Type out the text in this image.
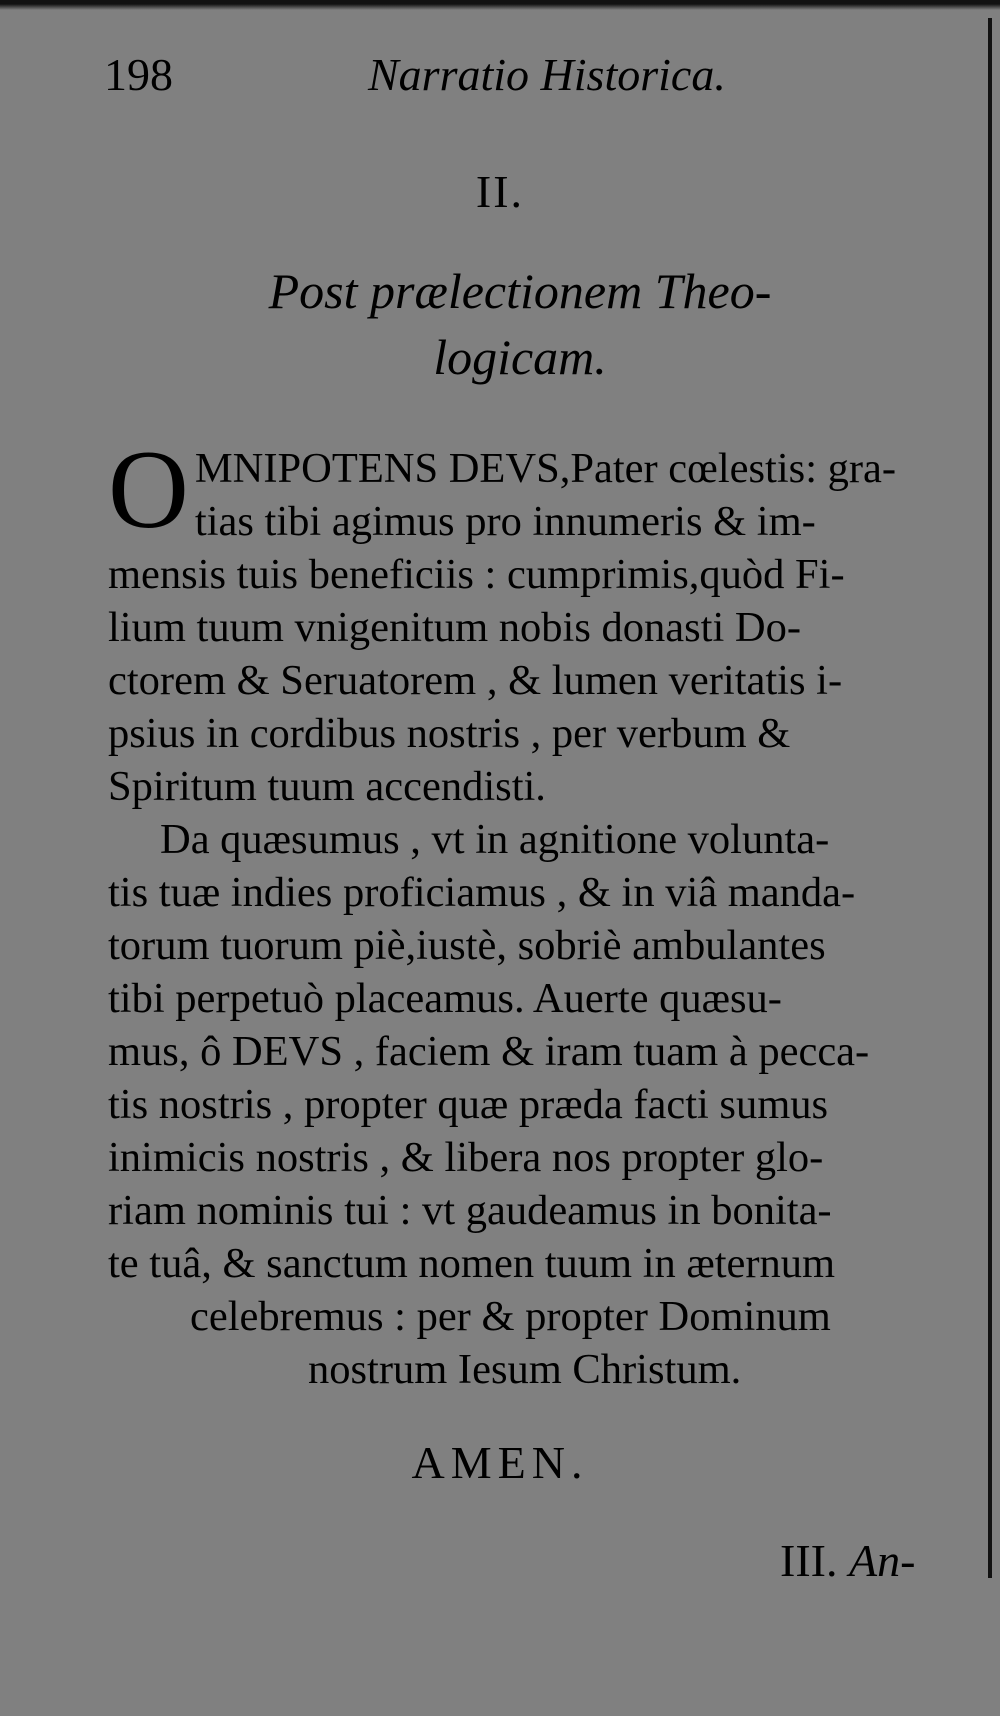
198	Narratio Historica.
II.
Post prælectionem Theo-
logicam.
O MNIPOTENS DEVS,Pater cœlestis: gra-
tias tibi agimus pro innumeris & im-
mensis tuis beneficiis : cumprimis,quòd Fi-
lium tuum vnigenitum nobis donasti Do-
ctorem & Seruatorem , & lumen veritatis i-
psius in cordibus nostris , per verbum &
Spiritum tuum accendisti.
Da quæsumus , vt in agnitione volunta-
tis tuæ indies proficiamus , & in viâ manda-
torum tuorum piè,iustè, sobriè ambulantes
tibi perpetuò placeamus. Auerte quæsu-
mus, ô DEVS , faciem & iram tuam à pecca-
tis nostris , propter quæ præda facti sumus
inimicis nostris , & libera nos propter glo-
riam nominis tui : vt gaudeamus in bonita-
te tuâ, & sanctum nomen tuum in æternum
celebremus : per & propter Dominum
nostrum Iesum Christum.
AMEN.
III. An-
